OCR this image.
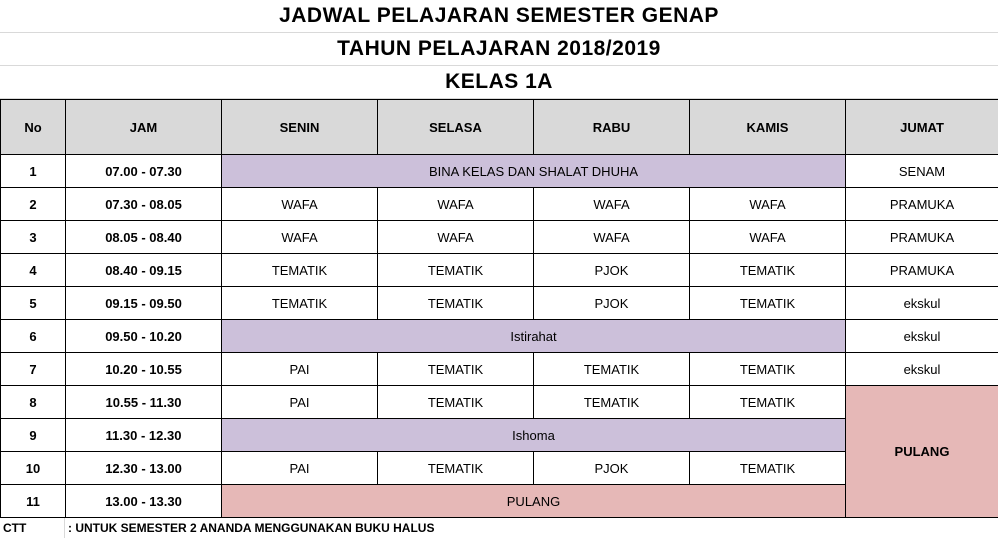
JADWAL PELAJARAN SEMESTER GENAP
TAHUN PELAJARAN 2018/2019
KELAS 1A
No	JAM	SENIN	SELASA	RABU	KAMIS	JUMAT
1	07.00 - 07.30	BINA KELAS DAN SHALAT DHUHA				SENAM
2	07.30 - 08.05	WAFA	WAFA	WAFA	WAFA	PRAMUKA
3	08.05 - 08.40	WAFA	WAFA	WAFA	WAFA	PRAMUKA
4	08.40 - 09.15	TEMATIK	TEMATIK	PJOK	TEMATIK	PRAMUKA
5	09.15 - 09.50	TEMATIK	TEMATIK	PJOK	TEMATIK	ekskul
6	09.50 - 10.20	Istirahat				ekskul
7	10.20 - 10.55	PAI	TEMATIK	TEMATIK	TEMATIK	ekskul
8	10.55 - 11.30	PAI	TEMATIK	TEMATIK	TEMATIK	PULANG
9	11.30 - 12.30	Ishoma				
10	12.30 - 13.00	PAI	TEMATIK	PJOK	TEMATIK	
11	13.00 - 13.30	PULANG				
CTT	: UNTUK SEMESTER 2 ANANDA MENGGUNAKAN BUKU HALUS
